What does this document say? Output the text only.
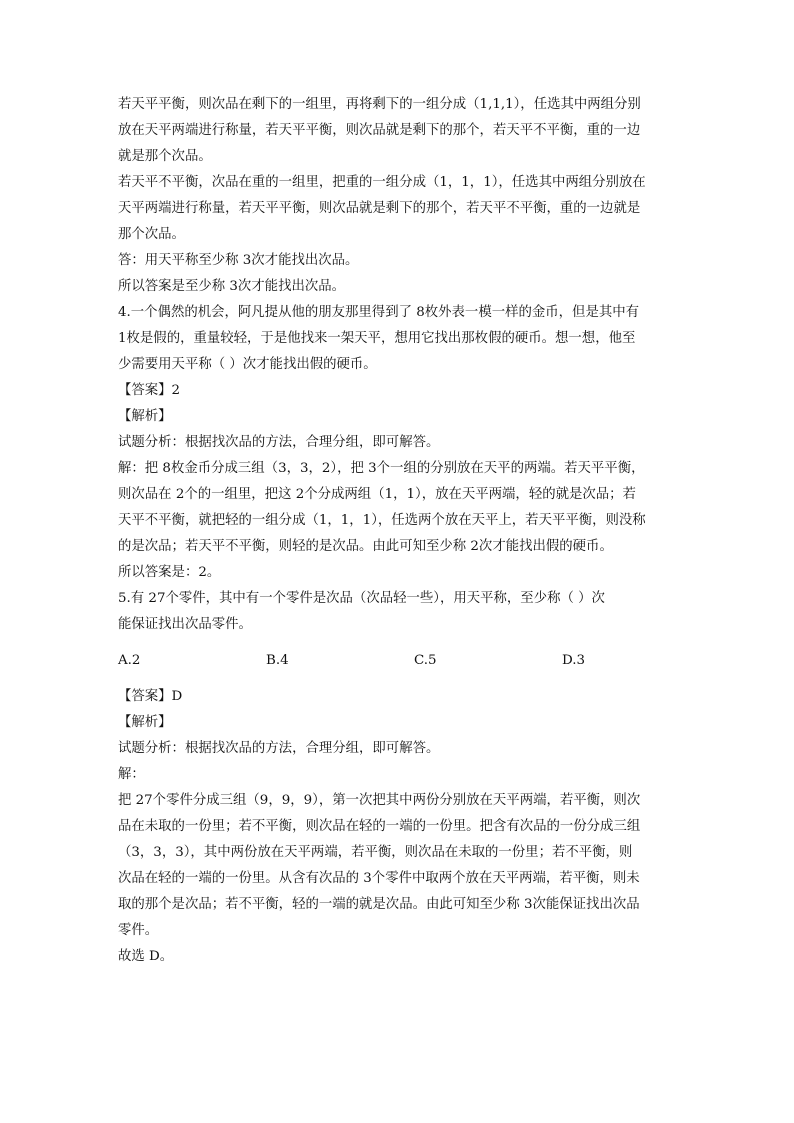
若天平平衡，则次品在剩下的一组里，再将剩下的一组分成（1,1,1），任选其中两组分别
放在天平两端进行称量，若天平平衡，则次品就是剩下的那个，若天平不平衡，重的一边
就是那个次品。
若天平不平衡，次品在重的一组里，把重的一组分成（1，1，1），任选其中两组分别放在
天平两端进行称量，若天平平衡，则次品就是剩下的那个，若天平不平衡，重的一边就是
那个次品。
答：用天平称至少称 3次才能找出次品。
所以答案是至少称 3次才能找出次品。
4.一个偶然的机会，阿凡提从他的朋友那里得到了 8枚外表一模一样的金币，但是其中有
1枚是假的，重量较轻，于是他找来一架天平，想用它找出那枚假的硬币。想一想，他至
少需要用天平称（ ）次才能找出假的硬币。
【答案】2
【解析】
试题分析：根据找次品的方法，合理分组，即可解答。
解：把 8枚金币分成三组（3，3，2），把 3个一组的分别放在天平的两端。若天平平衡，
则次品在 2个的一组里，把这 2个分成两组（1，1），放在天平两端，轻的就是次品；若
天平不平衡，就把轻的一组分成（1，1，1），任选两个放在天平上，若天平平衡，则没称
的是次品；若天平不平衡，则轻的是次品。由此可知至少称 2次才能找出假的硬币。
所以答案是：2。
5.有 27个零件，其中有一个零件是次品（次品轻一些），用天平称，至少称（ ）次
能保证找出次品零件。
A.2	B.4	C.5	D.3
【答案】D
【解析】
试题分析：根据找次品的方法，合理分组，即可解答。
解：
把 27个零件分成三组（9，9，9），第一次把其中两份分别放在天平两端，若平衡，则次
品在未取的一份里；若不平衡，则次品在轻的一端的一份里。把含有次品的一份分成三组
（3，3，3），其中两份放在天平两端，若平衡，则次品在未取的一份里；若不平衡，则
次品在轻的一端的一份里。从含有次品的 3个零件中取两个放在天平两端，若平衡，则未
取的那个是次品；若不平衡，轻的一端的就是次品。由此可知至少称 3次能保证找出次品
零件。
故选 D。
